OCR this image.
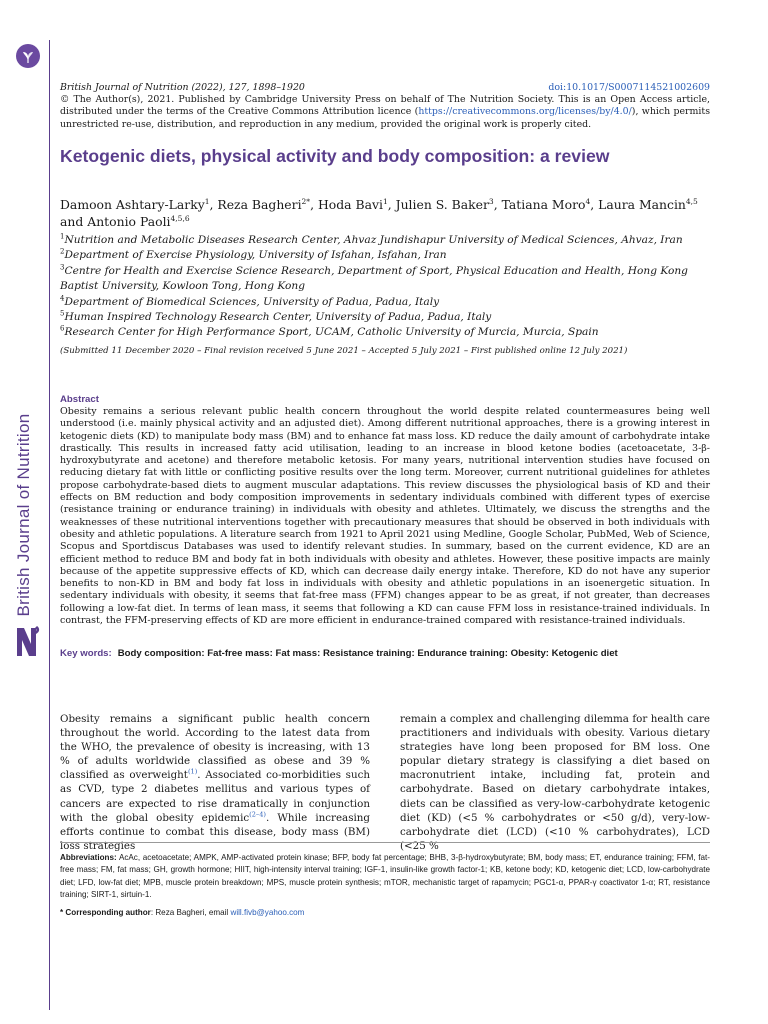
British Journal of Nutrition
British Journal of Nutrition (2022), 127, 1898–1920	doi:10.1017/S0007114521002609
© The Author(s), 2021. Published by Cambridge University Press on behalf of The Nutrition Society. This is an Open Access article, distributed under the terms of the Creative Commons Attribution licence (https://creativecommons.org/licenses/by/4.0/), which permits unrestricted re-use, distribution, and reproduction in any medium, provided the original work is properly cited.
Ketogenic diets, physical activity and body composition: a review
Damoon Ashtary-Larky$^1$, Reza Bagheri$^{2*}$, Hoda Bavi$^1$, Julien S. Baker$^3$, Tatiana Moro$^4$, Laura Mancin$^{4,5}$ and Antonio Paoli$^{4,5,6}$
$^1$Nutrition and Metabolic Diseases Research Center, Ahvaz Jundishapur University of Medical Sciences, Ahvaz, Iran
$^2$Department of Exercise Physiology, University of Isfahan, Isfahan, Iran
$^3$Centre for Health and Exercise Science Research, Department of Sport, Physical Education and Health, Hong Kong Baptist University, Kowloon Tong, Hong Kong
$^4$Department of Biomedical Sciences, University of Padua, Padua, Italy
$^5$Human Inspired Technology Research Center, University of Padua, Padua, Italy
$^6$Research Center for High Performance Sport, UCAM, Catholic University of Murcia, Murcia, Spain
(Submitted 11 December 2020 – Final revision received 5 June 2021 – Accepted 5 July 2021 – First published online 12 July 2021)
Abstract
Obesity remains a serious relevant public health concern throughout the world despite related countermeasures being well understood (i.e. mainly physical activity and an adjusted diet). Among different nutritional approaches, there is a growing interest in ketogenic diets (KD) to manipulate body mass (BM) and to enhance fat mass loss. KD reduce the daily amount of carbohydrate intake drastically. This results in increased fatty acid utilisation, leading to an increase in blood ketone bodies (acetoacetate, 3-β-hydroxybutyrate and acetone) and therefore metabolic ketosis. For many years, nutritional intervention studies have focused on reducing dietary fat with little or conflicting positive results over the long term. Moreover, current nutritional guidelines for athletes propose carbohydrate-based diets to augment muscular adaptations. This review discusses the physiological basis of KD and their effects on BM reduction and body composition improvements in sedentary individuals combined with different types of exercise (resistance training or endurance training) in individuals with obesity and athletes. Ultimately, we discuss the strengths and the weaknesses of these nutritional interventions together with precautionary measures that should be observed in both individuals with obesity and athletic populations. A literature search from 1921 to April 2021 using Medline, Google Scholar, PubMed, Web of Science, Scopus and Sportdiscus Databases was used to identify relevant studies. In summary, based on the current evidence, KD are an efficient method to reduce BM and body fat in both individuals with obesity and athletes. However, these positive impacts are mainly because of the appetite suppressive effects of KD, which can decrease daily energy intake. Therefore, KD do not have any superior benefits to non-KD in BM and body fat loss in individuals with obesity and athletic populations in an isoenergetic situation. In sedentary individuals with obesity, it seems that fat-free mass (FFM) changes appear to be as great, if not greater, than decreases following a low-fat diet. In terms of lean mass, it seems that following a KD can cause FFM loss in resistance-trained individuals. In contrast, the FFM-preserving effects of KD are more efficient in endurance-trained compared with resistance-trained individuals.
Key words: Body composition: Fat-free mass: Fat mass: Resistance training: Endurance training: Obesity: Ketogenic diet
Obesity remains a significant public health concern throughout the world. According to the latest data from the WHO, the prevalence of obesity is increasing, with 13 % of adults worldwide classified as obese and 39 % classified as overweight$^{(1)}$. Associated co-morbidities such as CVD, type 2 diabetes mellitus and various types of cancers are expected to rise dramatically in conjunction with the global obesity epidemic$^{(2-4)}$. While increasing efforts continue to combat this disease, body mass (BM) loss strategies
remain a complex and challenging dilemma for health care practitioners and individuals with obesity. Various dietary strategies have long been proposed for BM loss. One popular dietary strategy is classifying a diet based on macronutrient intake, including fat, protein and carbohydrate. Based on dietary carbohydrate intakes, diets can be classified as very-low-carbohydrate ketogenic diet (KD) (<5 % carbohydrates or <50 g/d), very-low-carbohydrate diet (LCD) (<10 % carbohydrates), LCD (<25 %
Abbreviations: AcAc, acetoacetate; AMPK, AMP-activated protein kinase; BFP, body fat percentage; BHB, 3-β-hydroxybutyrate; BM, body mass; ET, endurance training; FFM, fat-free mass; FM, fat mass; GH, growth hormone; HIIT, high-intensity interval training; IGF-1, insulin-like growth factor-1; KB, ketone body; KD, ketogenic diet; LCD, low-carbohydrate diet; LFD, low-fat diet; MPB, muscle protein breakdown; MPS, muscle protein synthesis; mTOR, mechanistic target of rapamycin; PGC1-α, PPAR-γ coactivator 1-α; RT, resistance training; SIRT-1, sirtuin-1.
* Corresponding author: Reza Bagheri, email will.fivb@yahoo.com
